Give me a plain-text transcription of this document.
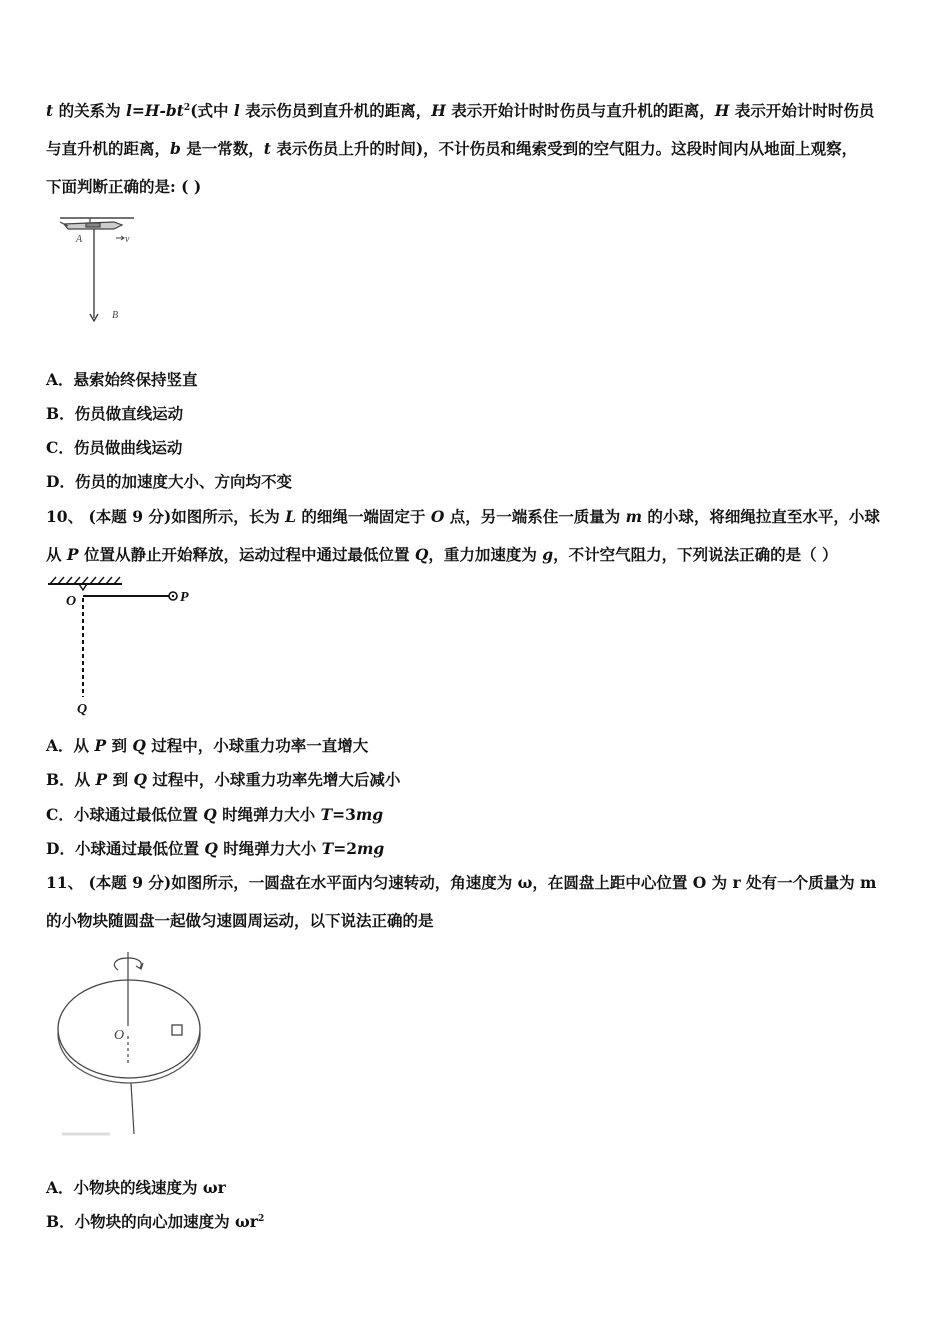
t 的关系为 $l=H-bt^2$(式中 l 表示伤员到直升机的距离，H 表示开始计时时伤员与直升机的距离，H 表示开始计时时伤员
与直升机的距离，b 是一常数，t 表示伤员上升的时间)，不计伤员和绳索受到的空气阻力。这段时间内从地面上观察，
下面判断正确的是: ( )
A	v
B
A．悬索始终保持竖直
B．伤员做直线运动
C．伤员做曲线运动
D．伤员的加速度大小、方向均不变
10、 (本题 9 分)如图所示，长为 L 的细绳一端固定于 O 点，另一端系住一质量为 m 的小球，将细绳拉直至水平，小球
从 P 位置从静止开始释放，运动过程中通过最低位置 Q，重力加速度为 g，不计空气阻力，下列说法正确的是（ ）
O	P
Q
A．从 P 到 Q 过程中，小球重力功率一直增大
B．从 P 到 Q 过程中，小球重力功率先增大后减小
C．小球通过最低位置 Q 时绳弹力大小 T=3mg
D．小球通过最低位置 Q 时绳弹力大小 T=2mg
11、 (本题 9 分)如图所示，一圆盘在水平面内匀速转动，角速度为 ω，在圆盘上距中心位置 O 为 r 处有一个质量为 m
的小物块随圆盘一起做匀速圆周运动，以下说法正确的是
O
A．小物块的线速度为 ωr
B．小物块的向心加速度为 $\omega r^2$
